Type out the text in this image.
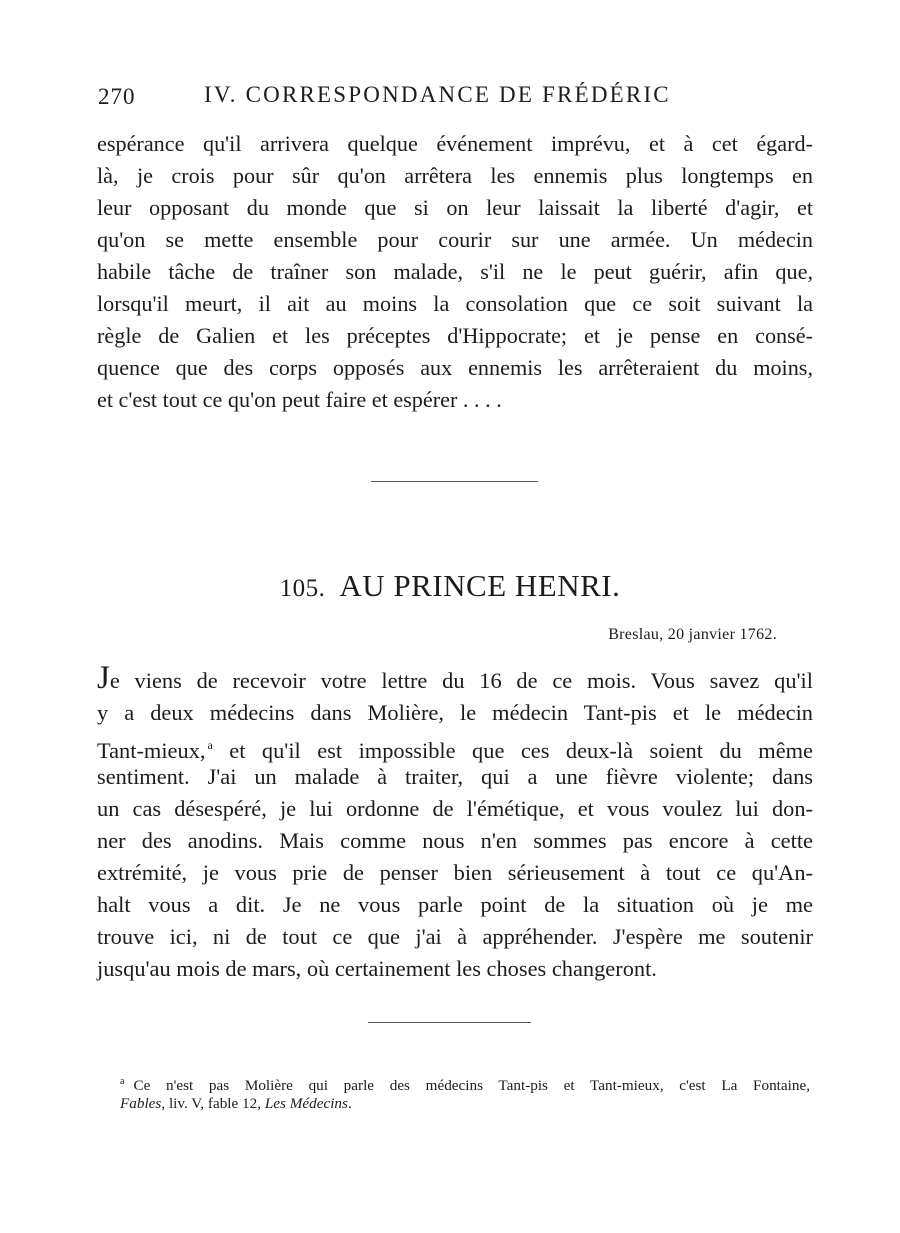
270	IV. CORRESPONDANCE DE FRÉDÉRIC
espérance qu'il arrivera quelque événement imprévu, et à cet égard-
là, je crois pour sûr qu'on arrêtera les ennemis plus longtemps en
leur opposant du monde que si on leur laissait la liberté d'agir, et
qu'on se mette ensemble pour courir sur une armée. Un médecin
habile tâche de traîner son malade, s'il ne le peut guérir, afin que,
lorsqu'il meurt, il ait au moins la consolation que ce soit suivant la
règle de Galien et les préceptes d'Hippocrate; et je pense en consé-
quence que des corps opposés aux ennemis les arrêteraient du moins,
et c'est tout ce qu'on peut faire et espérer . . . .
105. AU PRINCE HENRI.
Breslau, 20 janvier 1762.
Je viens de recevoir votre lettre du 16 de ce mois. Vous savez qu'il
y a deux médecins dans Molière, le médecin Tant-pis et le médecin
Tant-mieux, $^a$ et qu'il est impossible que ces deux-là soient du même
sentiment. J'ai un malade à traiter, qui a une fièvre violente; dans
un cas désespéré, je lui ordonne de l'émétique, et vous voulez lui don-
ner des anodins. Mais comme nous n'en sommes pas encore à cette
extrémité, je vous prie de penser bien sérieusement à tout ce qu'An-
halt vous a dit. Je ne vous parle point de la situation où je me
trouve ici, ni de tout ce que j'ai à appréhender. J'espère me soutenir
jusqu'au mois de mars, où certainement les choses changeront.
$^a$ Ce n'est pas Molière qui parle des médecins Tant-pis et Tant-mieux, c'est La Fontaine,
Fables, liv. V, fable 12, Les Médecins.
